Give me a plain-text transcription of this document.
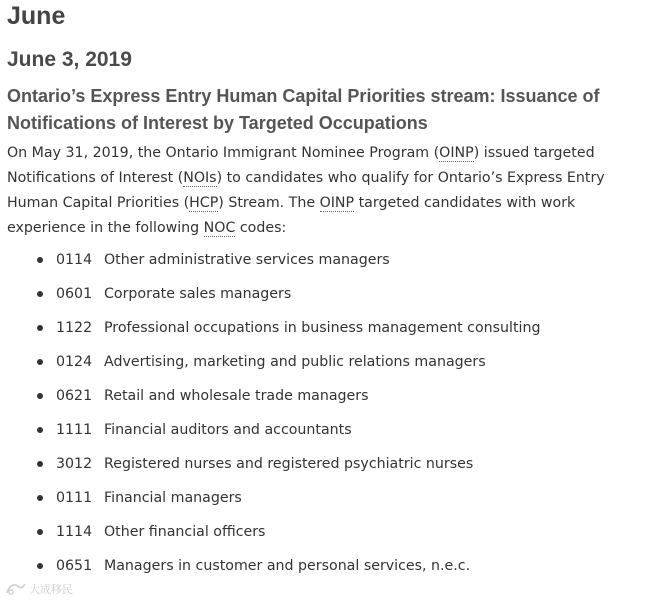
June
June 3, 2019
Ontario’s Express Entry Human Capital Priorities stream: Issuance of Notifications of Interest by Targeted Occupations

On May 31, 2019, the Ontario Immigrant Nominee Program (OINP) issued targeted Notifications of Interest (NOIs) to candidates who qualify for Ontario’s Express Entry Human Capital Priorities (HCP) Stream. The OINP targeted candidates with work experience in the following NOC codes:

0114 Other administrative services managers
0601 Corporate sales managers
1122 Professional occupations in business management consulting
0124 Advertising, marketing and public relations managers
0621 Retail and wholesale trade managers
1111 Financial auditors and accountants
3012 Registered nurses and registered psychiatric nurses
0111 Financial managers
1114 Other financial officers
0651 Managers in customer and personal services, n.e.c.
大成移民
